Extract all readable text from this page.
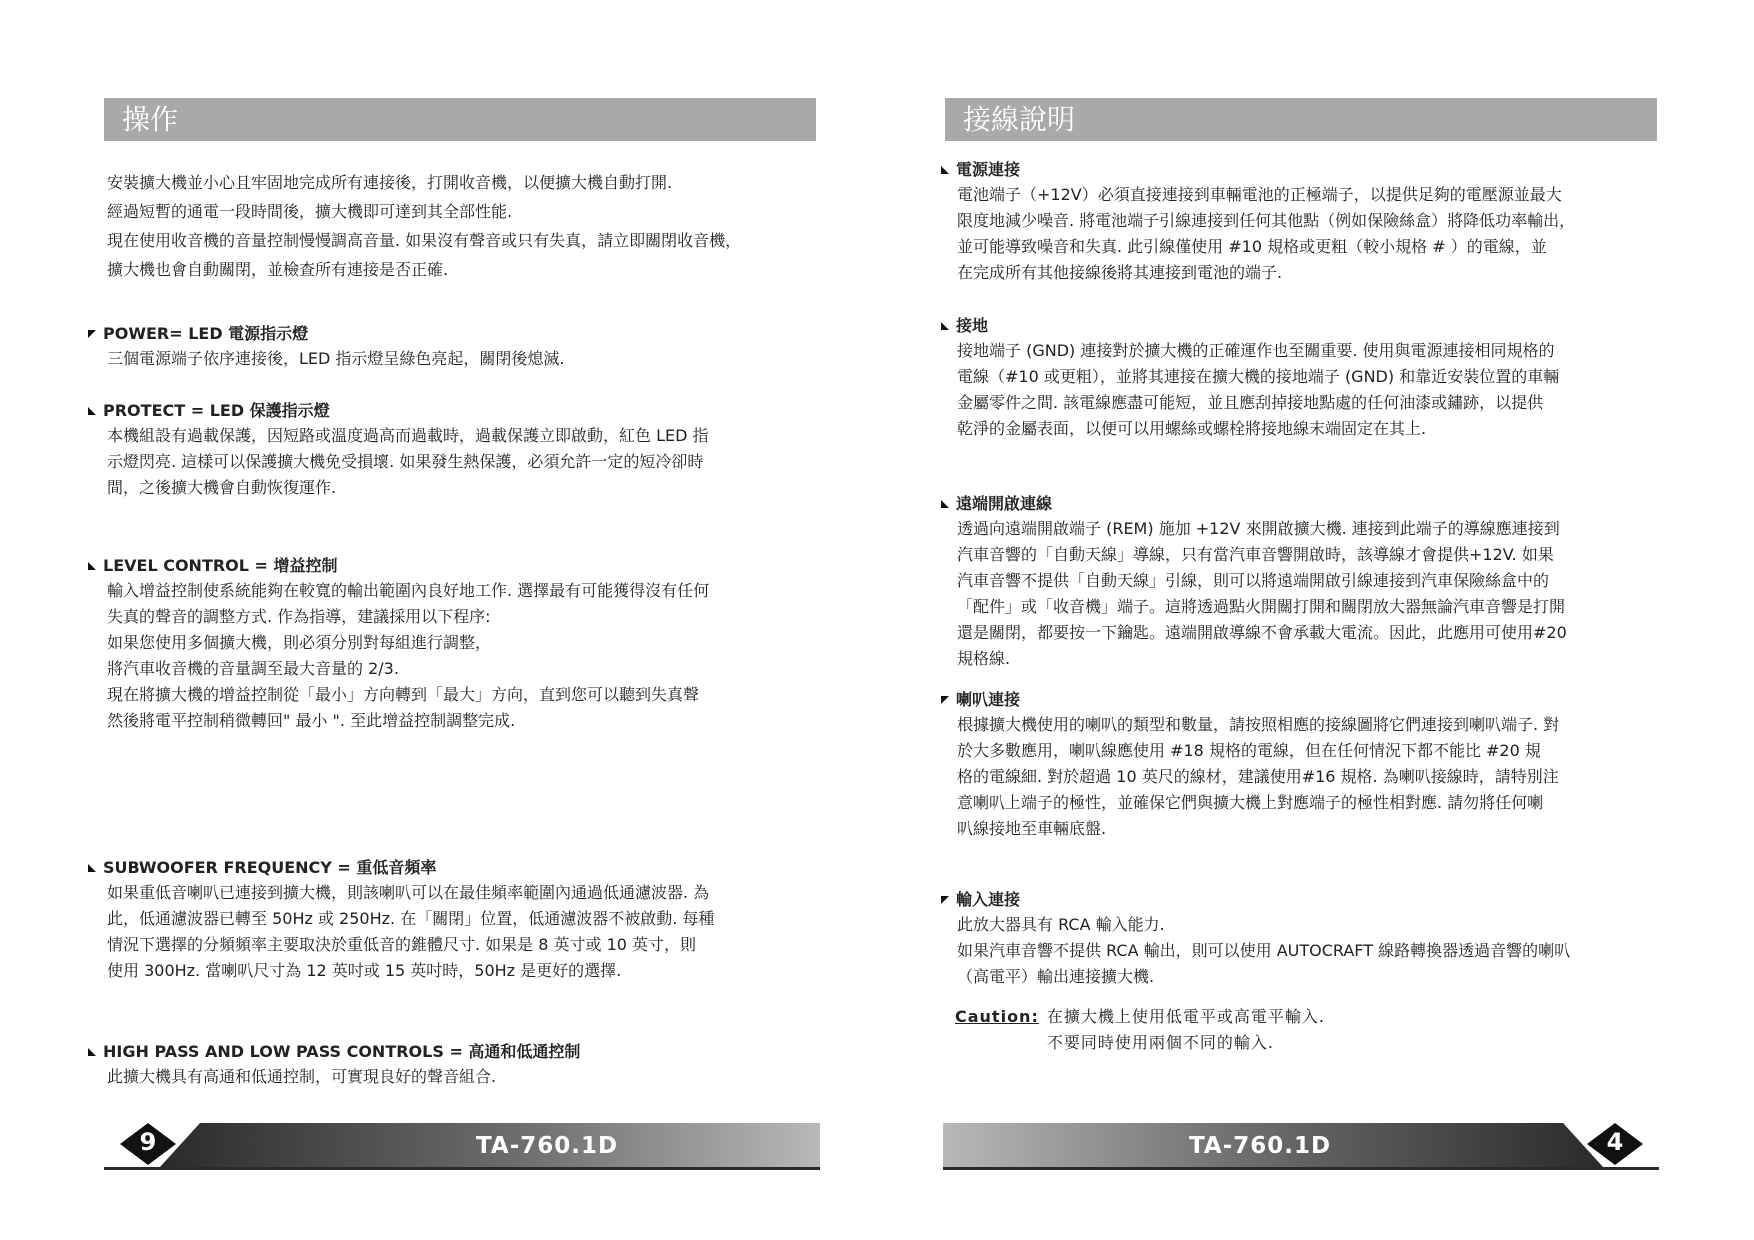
操作

安裝擴大機並小心且牢固地完成所有連接後，打開收音機，以便擴大機自動打開.

經過短暫的通電一段時間後，擴大機即可達到其全部性能.

現在使用收音機的音量控制慢慢調高音量. 如果沒有聲音或只有失真，請立即關閉收音機，

擴大機也會自動關閉，並檢查所有連接是否正確.

POWER= LED 電源指示燈

三個電源端子依序連接後，LED 指示燈呈綠色亮起，關閉後熄滅.

PROTECT = LED 保護指示燈

本機組設有過載保護，因短路或溫度過高而過載時，過載保護立即啟動，紅色 LED 指

示燈閃亮. 這樣可以保護擴大機免受損壞. 如果發生熱保護，必須允許一定的短冷卻時

間，之後擴大機會自動恢復運作.

LEVEL CONTROL = 增益控制

輸入增益控制使系統能夠在較寬的輸出範圍內良好地工作. 選擇最有可能獲得沒有任何

失真的聲音的調整方式. 作為指導，建議採用以下程序:

如果您使用多個擴大機，則必須分別對每組進行調整，

將汽車收音機的音量調至最大音量的 2/3.

現在將擴大機的增益控制從「最小」方向轉到「最大」方向，直到您可以聽到失真聲

然後將電平控制稍微轉回" 最小 ". 至此增益控制調整完成.

SUBWOOFER FREQUENCY = 重低音頻率

如果重低音喇叭已連接到擴大機，則該喇叭可以在最佳頻率範圍內通過低通濾波器. 為

此，低通濾波器已轉至 50Hz 或 250Hz. 在「關閉」位置，低通濾波器不被啟動. 每種

情況下選擇的分頻頻率主要取決於重低音的錐體尺寸. 如果是 8 英寸或 10 英寸，則

使用 300Hz. 當喇叭尺寸為 12 英吋或 15 英吋時，50Hz 是更好的選擇.

HIGH PASS AND LOW PASS CONTROLS = 高通和低通控制

此擴大機具有高通和低通控制，可實現良好的聲音組合.

9	TA-760.1D
接線說明
電源連接

電池端子（+12V）必須直接連接到車輛電池的正極端子，以提供足夠的電壓源並最大

限度地減少噪音. 將電池端子引線連接到任何其他點（例如保險絲盒）將降低功率輸出，

並可能導致噪音和失真. 此引線僅使用 #10 規格或更粗（較小規格 # ）的電線，並

在完成所有其他接線後將其連接到電池的端子.

接地

接地端子 (GND) 連接對於擴大機的正確運作也至關重要. 使用與電源連接相同規格的

電線（#10 或更粗），並將其連接在擴大機的接地端子 (GND) 和靠近安裝位置的車輛

金屬零件之間. 該電線應盡可能短，並且應刮掉接地點處的任何油漆或鏽跡，以提供

乾淨的金屬表面，以便可以用螺絲或螺栓將接地線末端固定在其上.

遠端開啟連線

透過向遠端開啟端子 (REM) 施加 +12V 來開啟擴大機. 連接到此端子的導線應連接到

汽車音響的「自動天線」導線，只有當汽車音響開啟時，該導線才會提供+12V. 如果

汽車音響不提供「自動天線」引線，則可以將遠端開啟引線連接到汽車保險絲盒中的

「配件」或「收音機」端子。這將透過點火開關打開和關閉放大器無論汽車音響是打開

還是關閉，都要按一下鑰匙。遠端開啟導線不會承載大電流。因此，此應用可使用#20

規格線.

喇叭連接

根據擴大機使用的喇叭的類型和數量，請按照相應的接線圖將它們連接到喇叭端子. 對

於大多數應用，喇叭線應使用 #18 規格的電線，但在任何情況下都不能比 #20 規

格的電線細. 對於超過 10 英尺的線材，建議使用#16 規格. 為喇叭接線時，請特別注

意喇叭上端子的極性，並確保它們與擴大機上對應端子的極性相對應. 請勿將任何喇

叭線接地至車輛底盤.

輸入連接

此放大器具有 RCA 輸入能力.

如果汽車音響不提供 RCA 輸出，則可以使用 AUTOCRAFT 線路轉換器透過音響的喇叭

（高電平）輸出連接擴大機.

4
TA-760.1D
Caution: 在擴大機上使用低電平或高電平輸入.

不要同時使用兩個不同的輸入.
